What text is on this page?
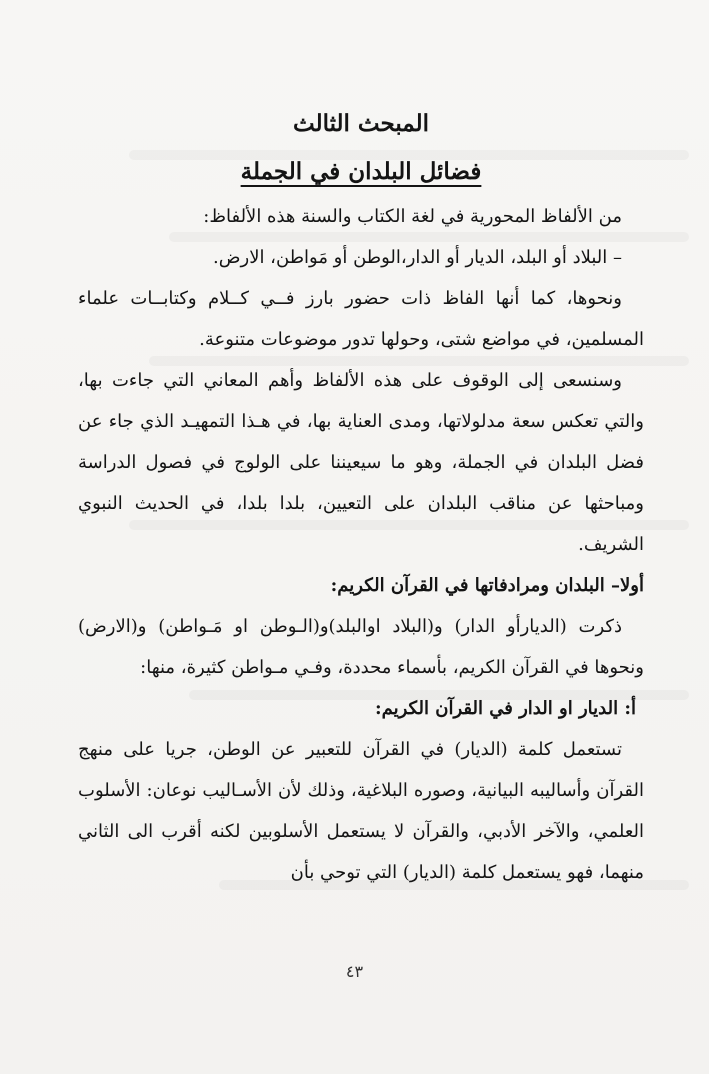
المبحث الثالث
فضائل البلدان في الجملة

من الألفاظ المحورية في لغة الكتاب والسنة هذه الألفاظ:

– البلاد أو البلد، الديار أو الدار،الوطن أو مَواطن، الارض.

ونحوها، كما أنها الفاظ ذات حضور بارز فــي كــلام وكتابــات علماء المسلمين، في مواضع شتى، وحولها تدور موضوعات متنوعة.

وسنسعى إلى الوقوف على هذه الألفاظ وأهم المعاني التي جاءت بها، والتي تعكس سعة مدلولاتها، ومدى العناية بها، في هـذا التمهيـد الذي جاء عن فضل البلدان في الجملة، وهو ما سيعيننا على الولوج في فصول الدراسة ومباحثها عن مناقب البلدان على التعيين، بلدا بلدا، في الحديث النبوي الشريف.

أولا– البلدان ومرادفاتها في القرآن الكريم:

ذكرت (الديارأو الدار) و(البلاد اوالبلد)و(الـوطن او مَـواطن) و(الارض) ونحوها في القرآن الكريم، بأسماء محددة، وفـي مـواطن كثيرة، منها:

أ: الديار او الدار في القرآن الكريم:

تستعمل كلمة (الديار) في القرآن للتعبير عن الوطن، جريا على منهج القرآن وأساليبه البيانية، وصوره البلاغية، وذلك لأن الأسـاليب نوعان: الأسلوب العلمي، والآخر الأدبي، والقرآن لا يستعمل الأسلوبين لكنه أقرب الى الثاني منهما، فهو يستعمل كلمة (الديار) التي توحي بأن

٤٣
